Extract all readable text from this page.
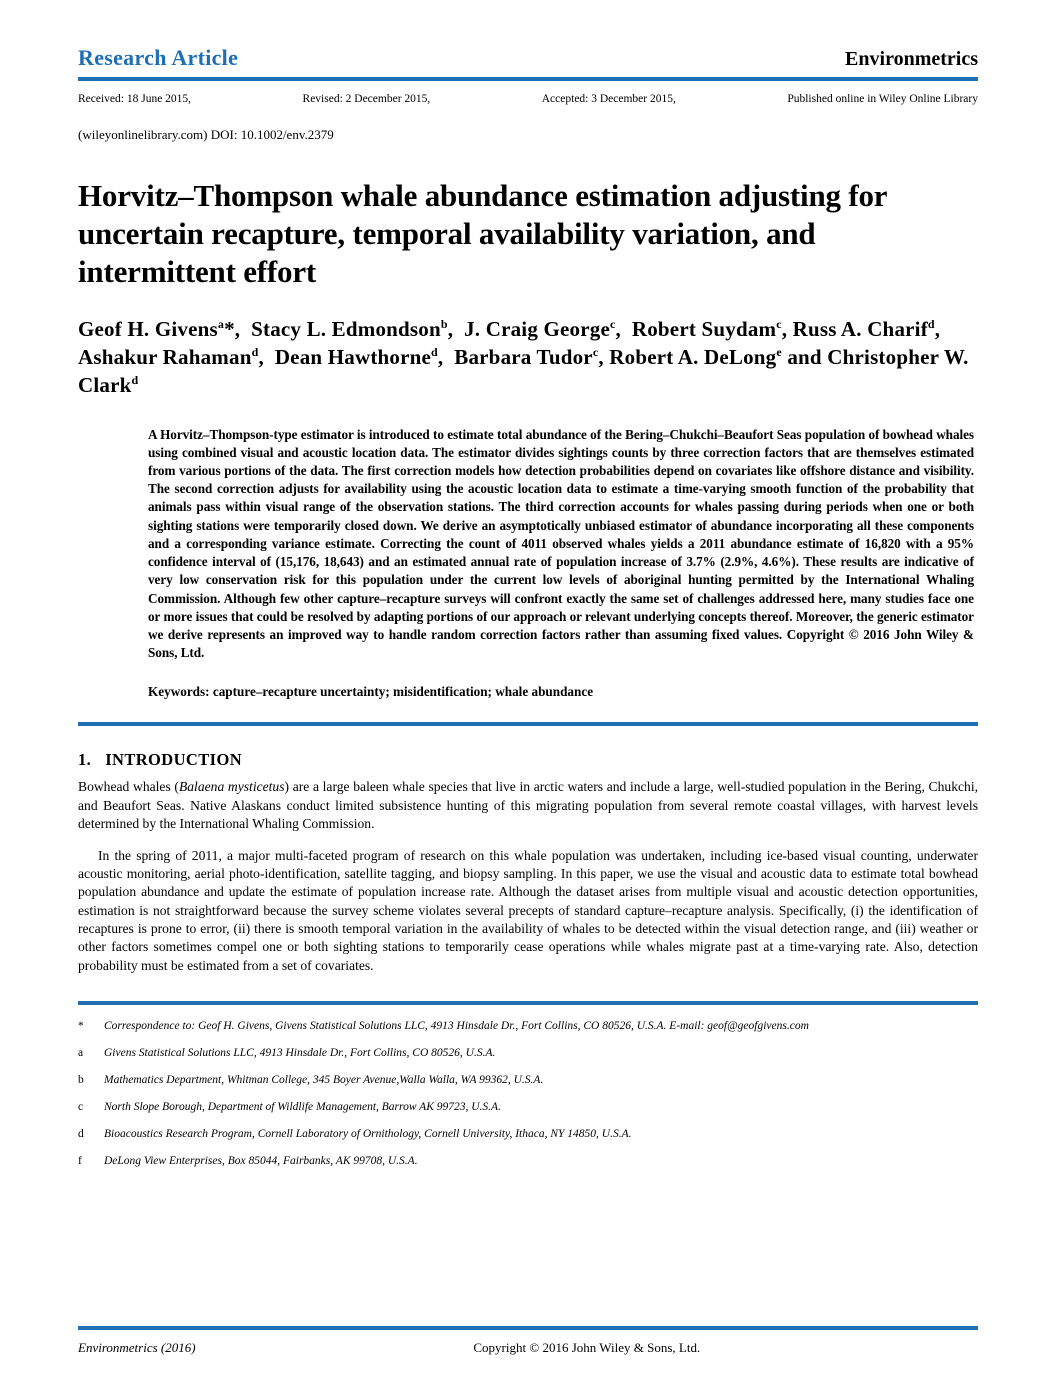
Research Article	Environmetrics
Received: 18 June 2015,	Revised: 2 December 2015,	Accepted: 3 December 2015,	Published online in Wiley Online Library
(wileyonlinelibrary.com) DOI: 10.1002/env.2379
Horvitz–Thompson whale abundance estimation adjusting for uncertain recapture, temporal availability variation, and intermittent effort
Geof H. Givens$^a$*,  Stacy L. Edmondson$^b$,  J. Craig George$^c$,  Robert Suydam$^c$, Russ A. Charif$^d$,  Ashakur Rahaman$^d$,  Dean Hawthorne$^d$,  Barbara Tudor$^c$, Robert A. DeLong$^e$ and Christopher W. Clark$^d$

A Horvitz–Thompson-type estimator is introduced to estimate total abundance of the Bering–Chukchi–Beaufort Seas population of bowhead whales using combined visual and acoustic location data. The estimator divides sightings counts by three correction factors that are themselves estimated from various portions of the data. The first correction models how detection probabilities depend on covariates like offshore distance and visibility. The second correction adjusts for availability using the acoustic location data to estimate a time-varying smooth function of the probability that animals pass within visual range of the observation stations. The third correction accounts for whales passing during periods when one or both sighting stations were temporarily closed down. We derive an asymptotically unbiased estimator of abundance incorporating all these components and a corresponding variance estimate. Correcting the count of 4011 observed whales yields a 2011 abundance estimate of 16,820 with a 95% confidence interval of (15,176, 18,643) and an estimated annual rate of population increase of 3.7% (2.9%, 4.6%). These results are indicative of very low conservation risk for this population under the current low levels of aboriginal hunting permitted by the International Whaling Commission. Although few other capture–recapture surveys will confront exactly the same set of challenges addressed here, many studies face one or more issues that could be resolved by adapting portions of our approach or relevant underlying concepts thereof. Moreover, the generic estimator we derive represents an improved way to handle random correction factors rather than assuming fixed values. Copyright © 2016 John Wiley & Sons, Ltd.

Keywords: capture–recapture uncertainty; misidentification; whale abundance
1. INTRODUCTION

Bowhead whales (Balaena mysticetus) are a large baleen whale species that live in arctic waters and include a large, well-studied population in the Bering, Chukchi, and Beaufort Seas. Native Alaskans conduct limited subsistence hunting of this migrating population from several remote coastal villages, with harvest levels determined by the International Whaling Commission.

In the spring of 2011, a major multi-faceted program of research on this whale population was undertaken, including ice-based visual counting, underwater acoustic monitoring, aerial photo-identification, satellite tagging, and biopsy sampling. In this paper, we use the visual and acoustic data to estimate total bowhead population abundance and update the estimate of population increase rate. Although the dataset arises from multiple visual and acoustic detection opportunities, estimation is not straightforward because the survey scheme violates several precepts of standard capture–recapture analysis. Specifically, (i) the identification of recaptures is prone to error, (ii) there is smooth temporal variation in the availability of whales to be detected within the visual detection range, and (iii) weather or other factors sometimes compel one or both sighting stations to temporarily cease operations while whales migrate past at a time-varying rate. Also, detection probability must be estimated from a set of covariates.

*	Correspondence to: Geof H. Givens, Givens Statistical Solutions LLC, 4913 Hinsdale Dr., Fort Collins, CO 80526, U.S.A. E-mail: geof@geofgivens.com
a	Givens Statistical Solutions LLC, 4913 Hinsdale Dr., Fort Collins, CO 80526, U.S.A.
b	Mathematics Department, Whitman College, 345 Boyer Avenue,Walla Walla, WA 99362, U.S.A.
c	North Slope Borough, Department of Wildlife Management, Barrow AK 99723, U.S.A.
d	Bioacoustics Research Program, Cornell Laboratory of Ornithology, Cornell University, Ithaca, NY 14850, U.S.A.
f	DeLong View Enterprises, Box 85044, Fairbanks, AK 99708, U.S.A.
Environmetrics (2016)	Copyright © 2016 John Wiley & Sons, Ltd.
